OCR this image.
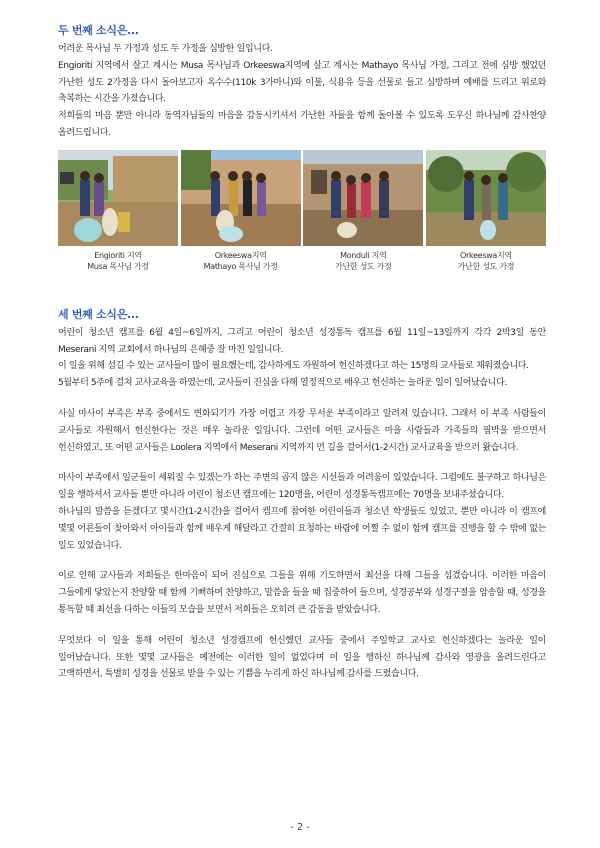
두 번째 소식은...

어려운 목사님 두 가정과 성도 두 가정을 심방한 일입니다.

Engioriti 지역에서 살고 계시는 Musa 목사님과 Orkeeswa지역에 살고 계시는 Mathayo 목사님 가정, 그리고 전에 심방 했었던 가난한 성도 2가정을 다시 돌아보고자 옥수수(110k 3가마니)와 이불, 식용유 등을 선물로 들고 심방하며 예배를 드리고 위로와 축복하는 시간을 가졌습니다.

저희들의 마음 뿐만 아니라 동역자님들의 마음을 감동시키셔서 가난한 자들을 함께 돌아볼 수 있도록 도우신 하나님께 감사찬양 올려드립니다.

Engioriti 지역
Musa 목사님 가정
Orkeeswa지역
Mathayo 목사님 가정
Monduli 지역
가난한 성도 가정
Orkeeswa지역
가난한 성도 가정
세 번째 소식은...

어린이 청소년 캠프를 6월 4일~6일까지, 그리고 어린이 청소년 성경통독 캠프를 6월 11일~13일까지 각각 2박3일 동안 Meserani 지역 교회에서 하나님의 은혜중 잘 마친 일입니다.

이 일을 위해 섬길 수 있는 교사들이 많이 필요했는데, 감사하게도 자원하여 헌신하겠다고 하는 15명의 교사들로 채워졌습니다.

5월부터 5주에 걸쳐 교사교육을 하였는데, 교사들이 진심을 다해 열정적으로 배우고 헌신하는 놀라운 일이 일어났습니다.

사실 마사이 부족은 부족 중에서도 변화되기가 가장 어렵고 가장 무서운 부족이라고 알려져 있습니다. 그래서 이 부족 사람들이 교사들로 자원해서 헌신한다는 것은 매우 놀라운 일입니다. 그런데 어떤 교사들은 마을 사람들과 가족들의 핍박을 받으면서 헌신하였고, 또 어떤 교사들은 Loolera 지역에서 Meserani 지역까지 먼 길을 걸어서(1-2시간) 교사교육을 받으러 왔습니다.

마사이 부족에서 일군들이 세워질 수 있겠는가 하는 주변의 곱지 않은 시선들과 어려움이 있었습니다. 그럼에도 불구하고 하나님은 일을 행하셔서 교사들 뿐만 아니라 어린이 청소년 캠프에는 120명을, 어린이 성경통독캠프에는 70명을 보내주셨습니다.

하나님의 말씀을 듣겠다고 몇시간(1-2시간)을 걸어서 캠프에 참여한 어린이들과 청소년 학생들도 있었고, 뿐만 아니라 이 캠프에 몇몇 어른들이 찾아와서 아이들과 함께 배우게 해달라고 간절히 요청하는 바람에 어쩔 수 없이 함께 캠프를 진행을 할 수 밖에 없는 일도 있었습니다.

이로 인해 교사들과 저희들은 한마음이 되어 진심으로 그들을 위해 기도하면서 최선을 다해 그들을 섬겼습니다. 이러한 마음이 그들에게 닿았는지 찬양할 때 함께 기뻐하며 찬양하고, 말씀을 들을 때 집중하여 들으며, 성경공부와 성경구절을 암송할 때, 성경을 통독할 때 최선을 다하는 이들의 모습을 보면서 저희들은 오히려 큰 감동을 받았습니다.

무엇보다 이 일을 통해 어린이 청소년 성경캠프에 헌신했던 교사들 중에서 주일학교 교사로 헌신하겠다는 놀라운 일이 일어났습니다. 또한 몇몇 교사들은 예전에는 이러한 일이 없었다며 이 일을 행하신 하나님께 감사와 영광을 올려드린다고 고백하면서, 특별히 성경을 선물로 받을 수 있는 기쁨을 누리게 하신 하나님께 감사를 드렸습니다.

- 2 -
